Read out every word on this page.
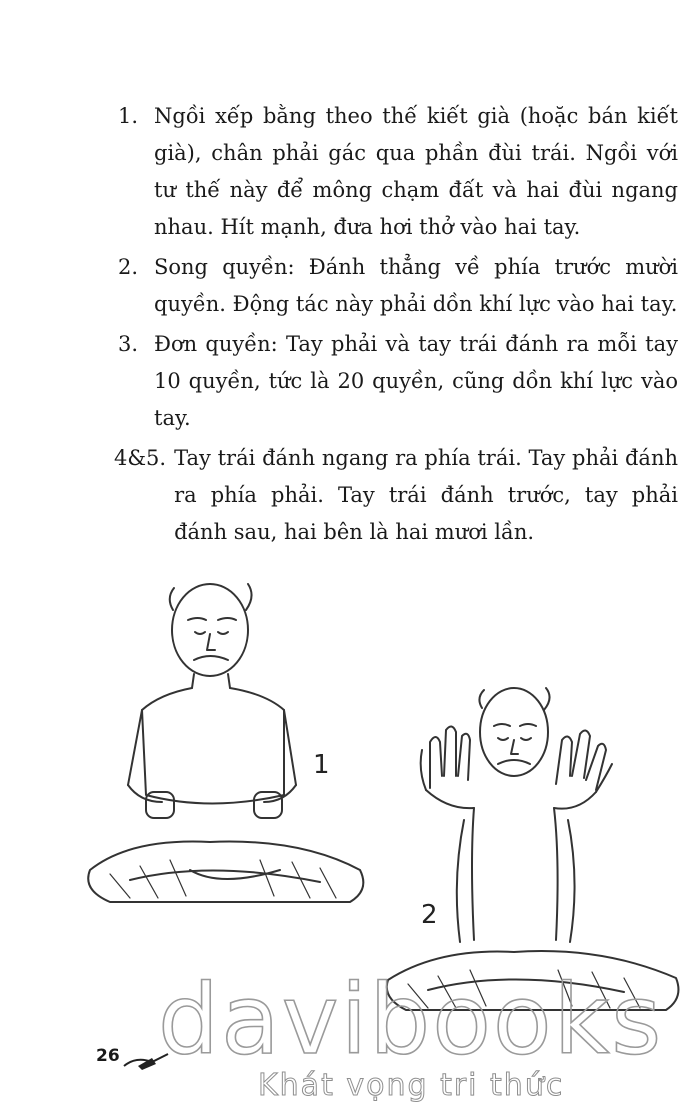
1. Ngồi xếp bằng theo thế kiết già (hoặc bán kiết già), chân phải gác qua phần đùi trái. Ngồi với tư thế này để mông chạm đất và hai đùi ngang nhau. Hít mạnh, đưa hơi thở vào hai tay.
2. Song quyền: Đánh thẳng về phía trước mười quyền. Động tác này phải dồn khí lực vào hai tay.
3. Đơn quyền: Tay phải và tay trái đánh ra mỗi tay 10 quyền, tức là 20 quyền, cũng dồn khí lực vào tay.
4&5. Tay trái đánh ngang ra phía trái. Tay phải đánh ra phía phải. Tay trái đánh trước, tay phải đánh sau, hai bên là hai mươi lần.
1
2
26 davibooks
Khát vọng tri thức
